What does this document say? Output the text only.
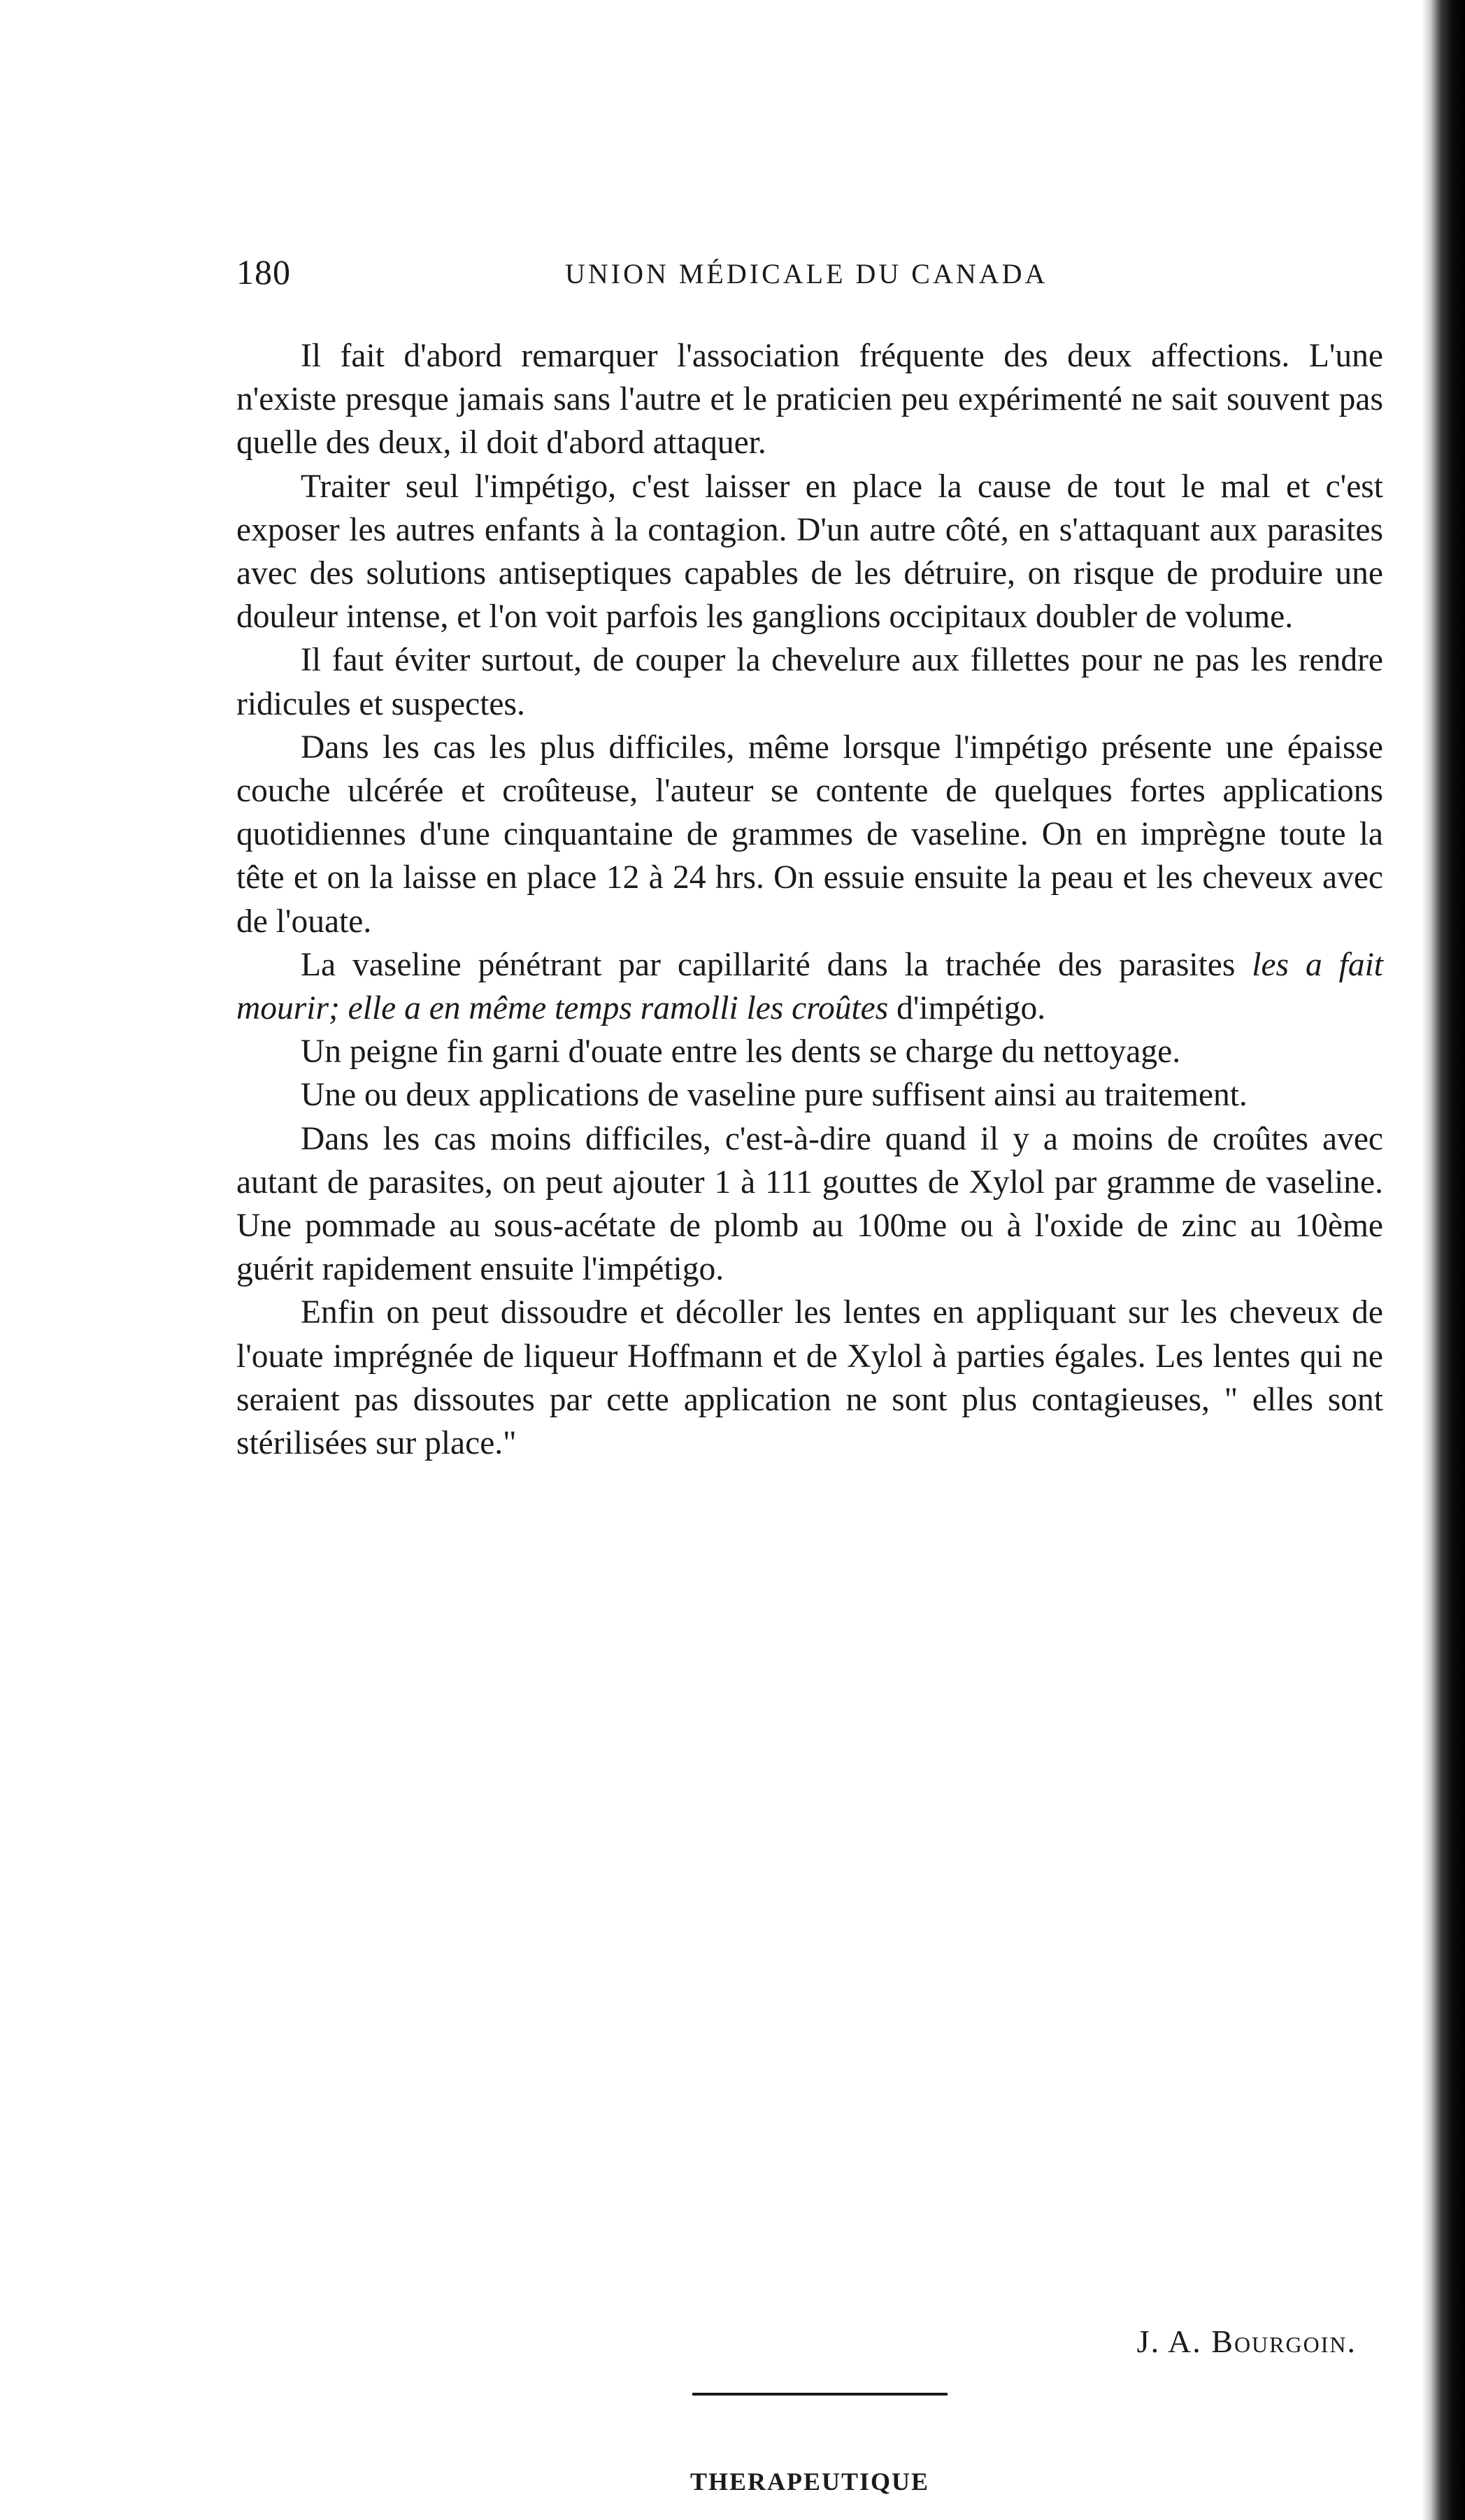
180	UNION MÉDICALE DU CANADA

Il fait d'abord remarquer l'association fréquente des deux affections. L'une n'existe presque jamais sans l'autre et le praticien peu expérimenté ne sait souvent pas quelle des deux, il doit d'abord attaquer.

Traiter seul l'impétigo, c'est laisser en place la cause de tout le mal et c'est exposer les autres enfants à la contagion. D'un autre côté, en s'attaquant aux parasites avec des solutions antiseptiques capables de les détruire, on risque de produire une douleur intense, et l'on voit parfois les ganglions occipitaux doubler de volume.

Il faut éviter surtout, de couper la chevelure aux fillettes pour ne pas les rendre ridicules et suspectes.

Dans les cas les plus difficiles, même lorsque l'impétigo présente une épaisse couche ulcérée et croûteuse, l'auteur se contente de quelques fortes applications quotidiennes d'une cinquantaine de grammes de vaseline. On en imprègne toute la tête et on la laisse en place 12 à 24 hrs. On essuie ensuite la peau et les cheveux avec de l'ouate.

La vaseline pénétrant par capillarité dans la trachée des parasites les a fait mourir; elle a en même temps ramolli les croûtes d'impétigo.

Un peigne fin garni d'ouate entre les dents se charge du nettoyage.

Une ou deux applications de vaseline pure suffisent ainsi au traitement.

Dans les cas moins difficiles, c'est-à-dire quand il y a moins de croûtes avec autant de parasites, on peut ajouter 1 à 111 gouttes de Xylol par gramme de vaseline. Une pommade au sous-acétate de plomb au 100me ou à l'oxide de zinc au 10ème guérit rapidement ensuite l'impétigo.

Enfin on peut dissoudre et décoller les lentes en appliquant sur les cheveux de l'ouate imprégnée de liqueur Hoffmann et de Xylol à parties égales. Les lentes qui ne seraient pas dissoutes par cette application ne sont plus contagieuses, " elles sont stérilisées sur place."

J. A. Bourgoin.
THERAPEUTIQUE
